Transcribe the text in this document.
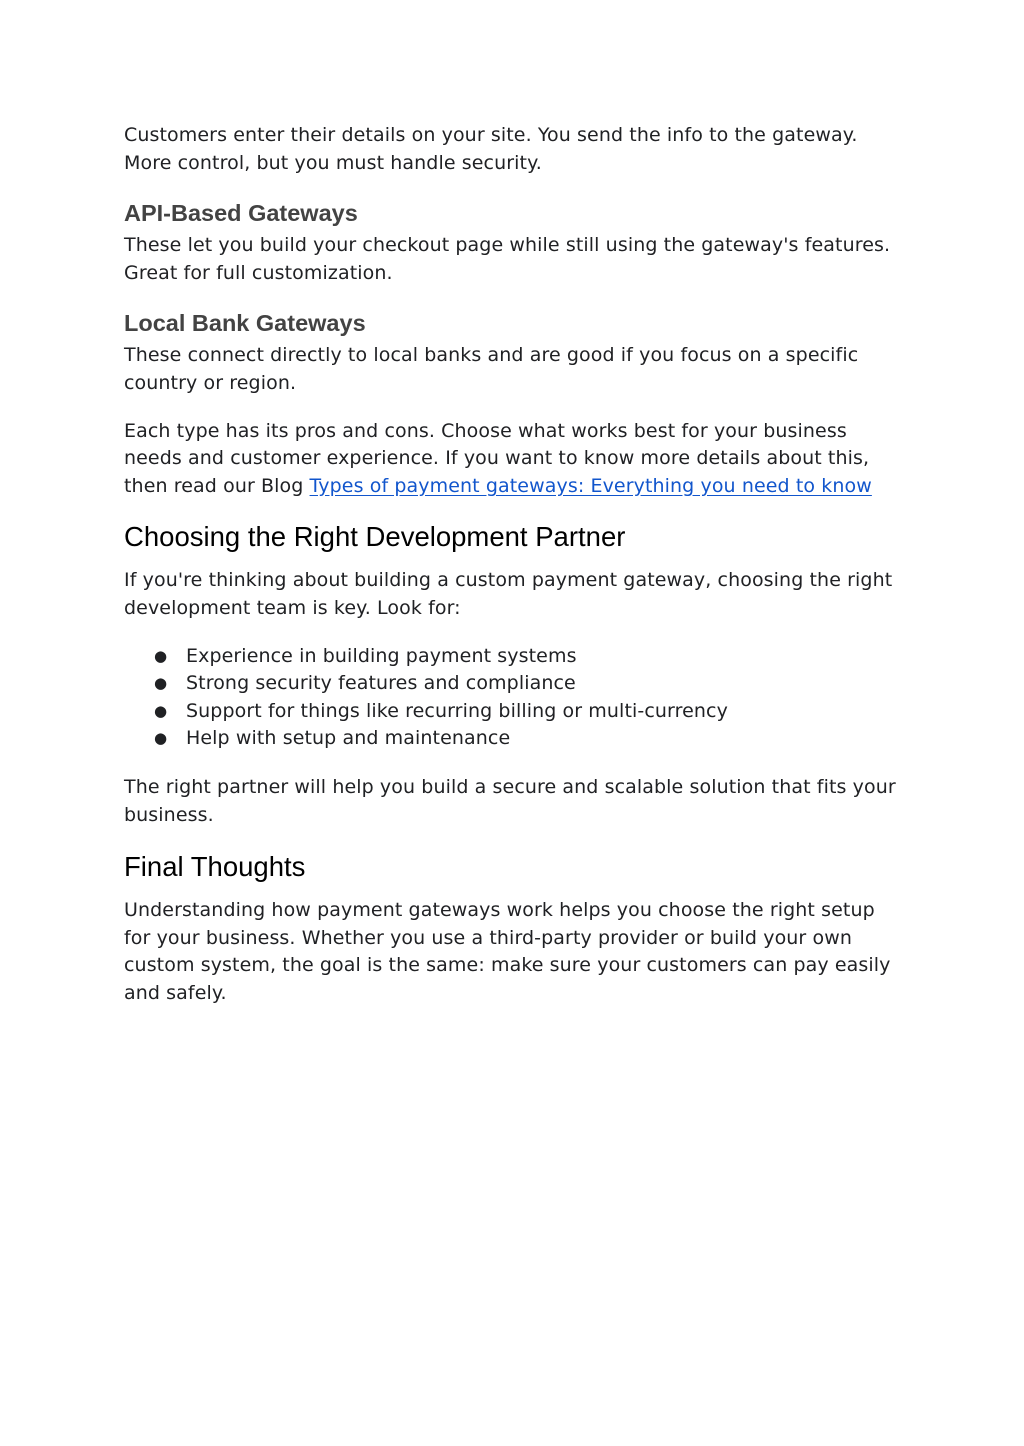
Customers enter their details on your site. You send the info to the gateway. More control, but you must handle security.

API-Based Gateways

These let you build your checkout page while still using the gateway's features. Great for full customization.

Local Bank Gateways

These connect directly to local banks and are good if you focus on a specific country or region.

Each type has its pros and cons. Choose what works best for your business needs and customer experience. If you want to know more details about this, then read our Blog Types of payment gateways: Everything you need to know

Choosing the Right Development Partner

If you're thinking about building a custom payment gateway, choosing the right development team is key. Look for:

● Experience in building payment systems
● Strong security features and compliance
● Support for things like recurring billing or multi-currency
● Help with setup and maintenance

The right partner will help you build a secure and scalable solution that fits your business.

Final Thoughts

Understanding how payment gateways work helps you choose the right setup for your business. Whether you use a third-party provider or build your own custom system, the goal is the same: make sure your customers can pay easily and safely.
